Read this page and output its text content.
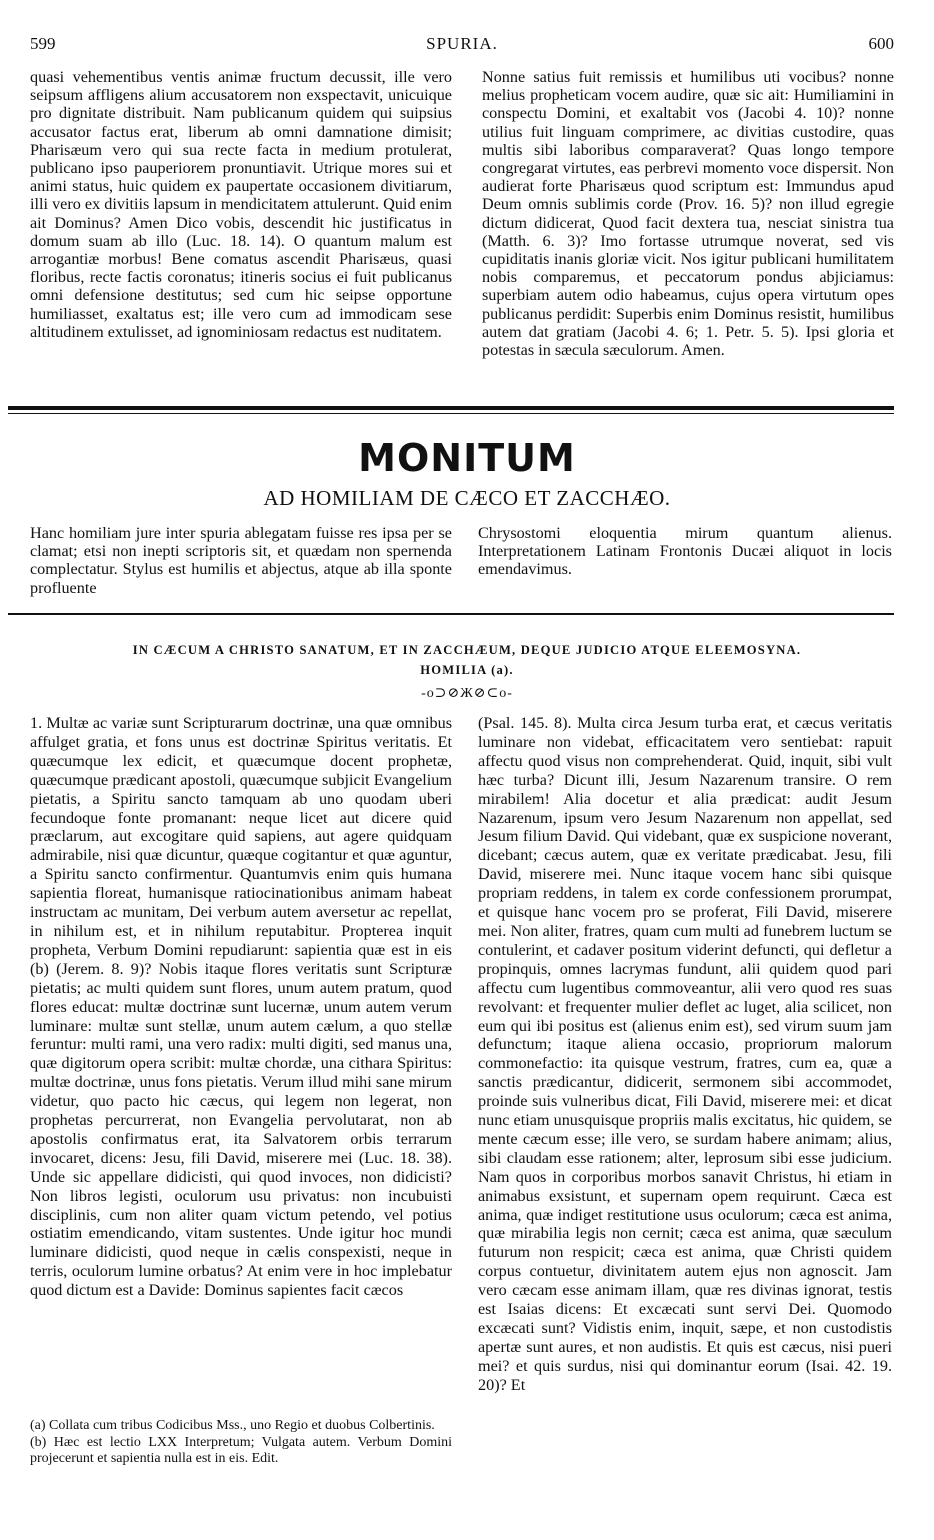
599	SPURIA.	600

quasi vehementibus ventis animæ fructum decussit, ille vero seipsum affligens alium accusatorem non exspectavit, unicuique pro dignitate distribuit. Nam publicanum quidem qui suipsius accusator factus erat, liberum ab omni damnatione dimisit; Pharisæum vero qui sua recte facta in medium protulerat, publicano ipso pauperiorem pronuntiavit. Utrique mores sui et animi status, huic quidem ex paupertate occasionem divitiarum, illi vero ex divitiis lapsum in mendicitatem attulerunt. Quid enim ait Dominus? Amen Dico vobis, descendit hic justificatus in domum suam ab illo (Luc. 18. 14). O quantum malum est arrogantiæ morbus! Bene comatus ascendit Pharisæus, quasi floribus, recte factis coronatus; itineris socius ei fuit publicanus omni defensione destitutus; sed cum hic seipse opportune humiliasset, exaltatus est; ille vero cum ad immodicam sese altitudinem extulisset, ad ignominiosam redactus est nuditatem.

Nonne satius fuit remissis et humilibus uti vocibus? nonne melius propheticam vocem audire, quæ sic ait: Humiliamini in conspectu Domini, et exaltabit vos (Jacobi 4. 10)? nonne utilius fuit linguam comprimere, ac divitias custodire, quas multis sibi laboribus comparaverat? Quas longo tempore congregarat virtutes, eas perbrevi momento voce dispersit. Non audierat forte Pharisæus quod scriptum est: Immundus apud Deum omnis sublimis corde (Prov. 16. 5)? non illud egregie dictum didicerat, Quod facit dextera tua, nesciat sinistra tua (Matth. 6. 3)? Imo fortasse utrumque noverat, sed vis cupiditatis inanis gloriæ vicit. Nos igitur publicani humilitatem nobis comparemus, et peccatorum pondus abjiciamus: superbiam autem odio habeamus, cujus opera virtutum opes publicanus perdidit: Superbis enim Dominus resistit, humilibus autem dat gratiam (Jacobi 4. 6; 1. Petr. 5. 5). Ipsi gloria et potestas in sæcula sæculorum. Amen.

MONITUM
AD HOMILIAM DE CÆCO ET ZACCHÆO.

Hanc homiliam jure inter spuria ablegatam fuisse res ipsa per se clamat; etsi non inepti scriptoris sit, et quædam non spernenda complectatur. Stylus est humilis et abjectus, atque ab illa sponte profluente

Chrysostomi eloquentia mirum quantum alienus. Interpretationem Latinam Frontonis Ducæi aliquot in locis emendavimus.

IN CÆCUM A CHRISTO SANATUM, ET IN ZACCHÆUM, DEQUE JUDICIO ATQUE ELEEMOSYNA.
HOMILIA (a).
-o⊃⊘Ж⊘⊂o-

1. Multæ ac variæ sunt Scripturarum doctrinæ, una quæ omnibus affulget gratia, et fons unus est doctrinæ Spiritus veritatis. Et quæcumque lex edicit, et quæcumque docent prophetæ, quæcumque prædicant apostoli, quæcumque subjicit Evangelium pietatis, a Spiritu sancto tamquam ab uno quodam uberi fecundoque fonte promanant: neque licet aut dicere quid præclarum, aut excogitare quid sapiens, aut agere quidquam admirabile, nisi quæ dicuntur, quæque cogitantur et quæ aguntur, a Spiritu sancto confirmentur. Quantumvis enim quis humana sapientia floreat, humanisque ratiocinationibus animam habeat instructam ac munitam, Dei verbum autem aversetur ac repellat, in nihilum est, et in nihilum reputabitur. Propterea inquit propheta, Verbum Domini repudiarunt: sapientia quæ est in eis (b) (Jerem. 8. 9)? Nobis itaque flores veritatis sunt Scripturæ pietatis; ac multi quidem sunt flores, unum autem pratum, quod flores educat: multæ doctrinæ sunt lucernæ, unum autem verum luminare: multæ sunt stellæ, unum autem cælum, a quo stellæ feruntur: multi rami, una vero radix: multi digiti, sed manus una, quæ digitorum opera scribit: multæ chordæ, una cithara Spiritus: multæ doctrinæ, unus fons pietatis. Verum illud mihi sane mirum videtur, quo pacto hic cæcus, qui legem non legerat, non prophetas percurrerat, non Evangelia pervolutarat, non ab apostolis confirmatus erat, ita Salvatorem orbis terrarum invocaret, dicens: Jesu, fili David, miserere mei (Luc. 18. 38). Unde sic appellare didicisti, qui quod invoces, non didicisti? Non libros legisti, oculorum usu privatus: non incubuisti disciplinis, cum non aliter quam victum petendo, vel potius ostiatim emendicando, vitam sustentes. Unde igitur hoc mundi luminare didicisti, quod neque in cælis conspexisti, neque in terris, oculorum lumine orbatus? At enim vere in hoc implebatur quod dictum est a Davide: Dominus sapientes facit cæcos

(Psal. 145. 8). Multa circa Jesum turba erat, et cæcus veritatis luminare non videbat, efficacitatem vero sentiebat: rapuit affectu quod visus non comprehenderat. Quid, inquit, sibi vult hæc turba? Dicunt illi, Jesum Nazarenum transire. O rem mirabilem! Alia docetur et alia prædicat: audit Jesum Nazarenum, ipsum vero Jesum Nazarenum non appellat, sed Jesum filium David. Qui videbant, quæ ex suspicione noverant, dicebant; cæcus autem, quæ ex veritate prædicabat. Jesu, fili David, miserere mei. Nunc itaque vocem hanc sibi quisque propriam reddens, in talem ex corde confessionem prorumpat, et quisque hanc vocem pro se proferat, Fili David, miserere mei. Non aliter, fratres, quam cum multi ad funebrem luctum se contulerint, et cadaver positum viderint defuncti, qui defletur a propinquis, omnes lacrymas fundunt, alii quidem quod pari affectu cum lugentibus commoveantur, alii vero quod res suas revolvant: et frequenter mulier deflet ac luget, alia scilicet, non eum qui ibi positus est (alienus enim est), sed virum suum jam defunctum; itaque aliena occasio, propriorum malorum commonefactio: ita quisque vestrum, fratres, cum ea, quæ a sanctis prædicantur, didicerit, sermonem sibi accommodet, proinde suis vulneribus dicat, Fili David, miserere mei: et dicat nunc etiam unusquisque propriis malis excitatus, hic quidem, se mente cæcum esse; ille vero, se surdam habere animam; alius, sibi claudam esse rationem; alter, leprosum sibi esse judicium. Nam quos in corporibus morbos sanavit Christus, hi etiam in animabus exsistunt, et supernam opem requirunt. Cæca est anima, quæ indiget restitutione usus oculorum; cæca est anima, quæ mirabilia legis non cernit; cæca est anima, quæ sæculum futurum non respicit; cæca est anima, quæ Christi quidem corpus contuetur, divinitatem autem ejus non agnoscit. Jam vero cæcam esse animam illam, quæ res divinas ignorat, testis est Isaias dicens: Et excæcati sunt servi Dei. Quomodo excæcati sunt? Vidistis enim, inquit, sæpe, et non custodistis apertæ sunt aures, et non audistis. Et quis est cæcus, nisi pueri mei? et quis surdus, nisi qui dominantur eorum (Isai. 42. 19. 20)? Et

(a) Collata cum tribus Codicibus Mss., uno Regio et duobus Colbertinis.

(b) Hæc est lectio LXX Interpretum; Vulgata autem. Verbum Domini projecerunt et sapientia nulla est in eis. Edit.
